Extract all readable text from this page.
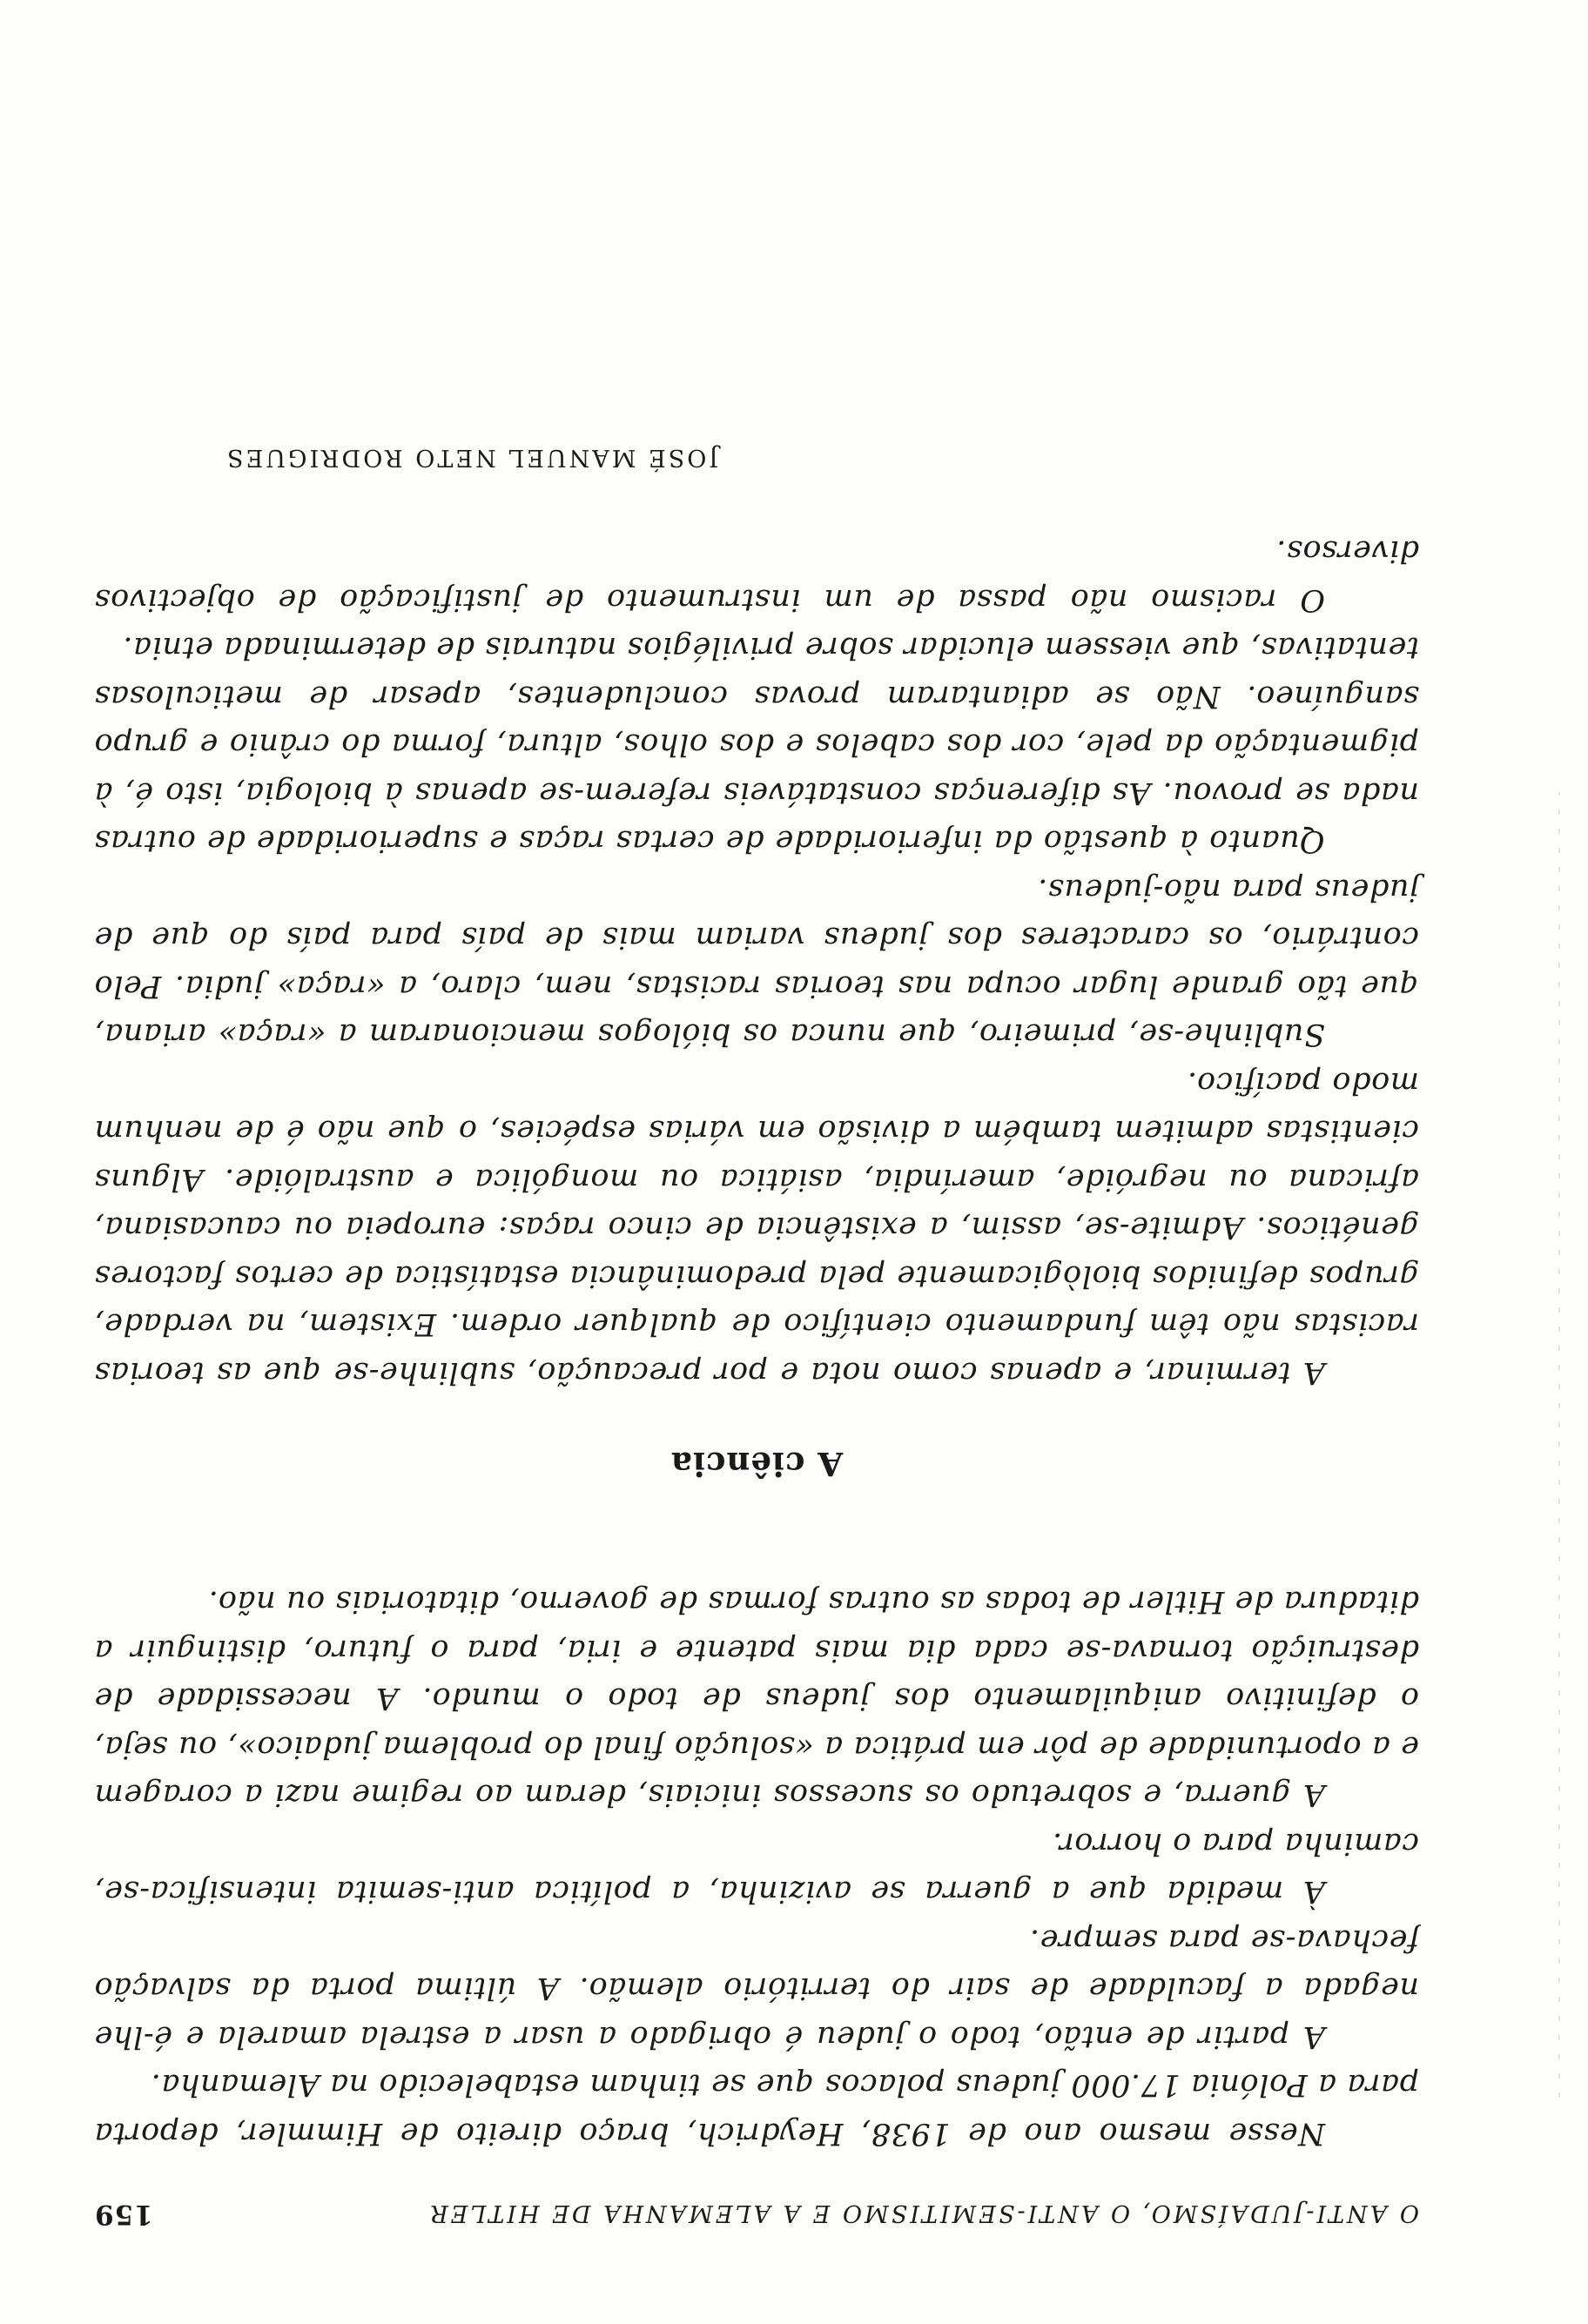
O ANTI-JUDAÍSMO, O ANTI-SEMITISMO E A ALEMANHA DE HITLER
159

Nesse mesmo ano de 1938, Heydrich, braço direito de Himmler, deporta para a Polónia 17.000 judeus polacos que se tinham estabelecido na Alemanha.

A partir de então, todo o judeu é obrigado a usar a estrela amarela e é-lhe negada a faculdade de sair do território alemão. A última porta da salvação fechava-se para sempre.

À medida que a guerra se avizinha, a política anti-semita intensifica-se, caminha para o horror.

A guerra, e sobretudo os sucessos iniciais, deram ao regime nazi a coragem e a oportunidade de pôr em prática a «solução final do problema judaico», ou seja, o definitivo aniquilamento dos judeus de todo o mundo. A necessidade de destruição tornava-se cada dia mais patente e iria, para o futuro, distinguir a ditadura de Hitler de todas as outras formas de governo, ditatoriais ou não.

A ciência

A terminar, e apenas como nota e por precaução, sublinhe-se que as teorias racistas não têm fundamento científico de qualquer ordem. Existem, na verdade, grupos definidos biològicamente pela predominância estatística de certos factores genéticos. Admite-se, assim, a existência de cinco raças: europeia ou caucasiana, africana ou negróide, ameríndia, asiática ou mongólica e australóide. Alguns cientistas admitem também a divisão em várias espécies, o que não é de nenhum modo pacífico.

Sublinhe-se, primeiro, que nunca os biólogos mencionaram a «raça» ariana, que tão grande lugar ocupa nas teorias racistas, nem, claro, a «raça» judia. Pelo contrário, os caracteres dos judeus variam mais de país para país do que de judeus para não-judeus.

Quanto à questão da inferioridade de certas raças e superioridade de outras nada se provou. As diferenças constatáveis referem-se apenas à biologia, isto é, à pigmentação da pele, cor dos cabelos e dos olhos, altura, forma do crânio e grupo sanguíneo. Não se adiantaram provas concludentes, apesar de meticulosas tentativas, que viessem elucidar sobre privilégios naturais de determinada etnia.

O racismo não passa de um instrumento de justificação de objectivos diversos.

JOSÉ MANUEL NETO RODRIGUES
